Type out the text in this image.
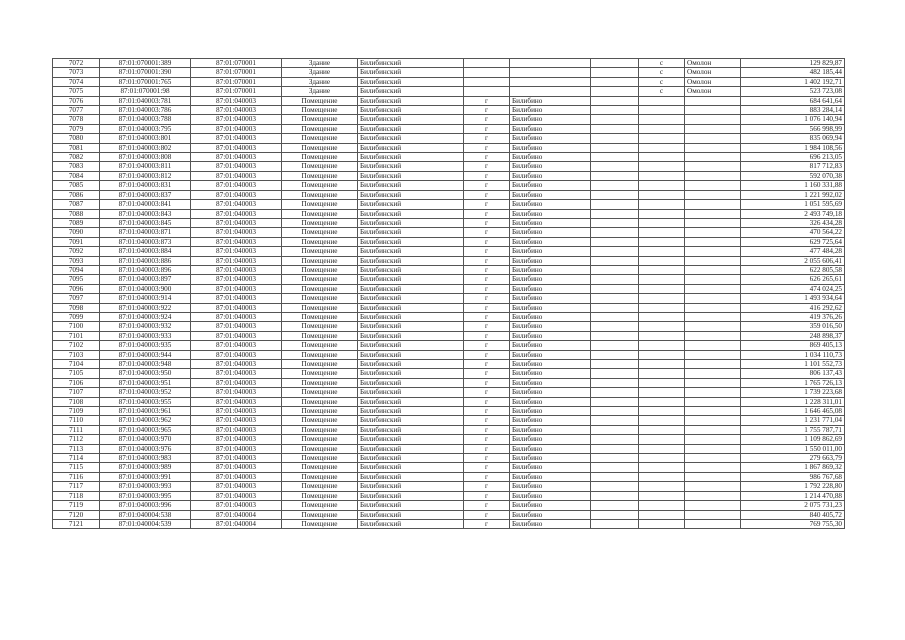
7072	87:01:070001:389	87:01:070001	Здание	Билибинский				с	Омолон	129 829,87
7073	87:01:070001:390	87:01:070001	Здание	Билибинский				с	Омолон	482 185,44
7074	87:01:070001:765	87:01:070001	Здание	Билибинский				с	Омолон	1 402 192,71
7075	87:01:070001:98	87:01:070001	Здание	Билибинский				с	Омолон	523 723,08
7076	87:01:040003:781	87:01:040003	Помещение	Билибинский	г	Билибино				684 641,64
7077	87:01:040003:786	87:01:040003	Помещение	Билибинский	г	Билибино				883 284,14
7078	87:01:040003:788	87:01:040003	Помещение	Билибинский	г	Билибино				1 076 140,94
7079	87:01:040003:795	87:01:040003	Помещение	Билибинский	г	Билибино				566 998,99
7080	87:01:040003:801	87:01:040003	Помещение	Билибинский	г	Билибино				835 069,94
7081	87:01:040003:802	87:01:040003	Помещение	Билибинский	г	Билибино				1 984 108,56
7082	87:01:040003:808	87:01:040003	Помещение	Билибинский	г	Билибино				696 213,05
7083	87:01:040003:811	87:01:040003	Помещение	Билибинский	г	Билибино				817 712,83
7084	87:01:040003:812	87:01:040003	Помещение	Билибинский	г	Билибино				592 070,38
7085	87:01:040003:831	87:01:040003	Помещение	Билибинский	г	Билибино				1 160 331,88
7086	87:01:040003:837	87:01:040003	Помещение	Билибинский	г	Билибино				1 221 992,02
7087	87:01:040003:841	87:01:040003	Помещение	Билибинский	г	Билибино				1 051 595,69
7088	87:01:040003:843	87:01:040003	Помещение	Билибинский	г	Билибино				2 493 749,18
7089	87:01:040003:845	87:01:040003	Помещение	Билибинский	г	Билибино				326 434,28
7090	87:01:040003:871	87:01:040003	Помещение	Билибинский	г	Билибино				470 564,22
7091	87:01:040003:873	87:01:040003	Помещение	Билибинский	г	Билибино				629 725,64
7092	87:01:040003:884	87:01:040003	Помещение	Билибинский	г	Билибино				477 484,28
7093	87:01:040003:886	87:01:040003	Помещение	Билибинский	г	Билибино				2 055 606,41
7094	87:01:040003:896	87:01:040003	Помещение	Билибинский	г	Билибино				622 805,58
7095	87:01:040003:897	87:01:040003	Помещение	Билибинский	г	Билибино				626 265,61
7096	87:01:040003:900	87:01:040003	Помещение	Билибинский	г	Билибино				474 024,25
7097	87:01:040003:914	87:01:040003	Помещение	Билибинский	г	Билибино				1 493 934,64
7098	87:01:040003:922	87:01:040003	Помещение	Билибинский	г	Билибино				416 292,62
7099	87:01:040003:924	87:01:040003	Помещение	Билибинский	г	Билибино				419 376,26
7100	87:01:040003:932	87:01:040003	Помещение	Билибинский	г	Билибино				359 016,50
7101	87:01:040003:933	87:01:040003	Помещение	Билибинский	г	Билибино				248 898,37
7102	87:01:040003:935	87:01:040003	Помещение	Билибинский	г	Билибино				869 405,13
7103	87:01:040003:944	87:01:040003	Помещение	Билибинский	г	Билибино				1 034 110,73
7104	87:01:040003:948	87:01:040003	Помещение	Билибинский	г	Билибино				1 101 552,73
7105	87:01:040003:950	87:01:040003	Помещение	Билибинский	г	Билибино				806 137,43
7106	87:01:040003:951	87:01:040003	Помещение	Билибинский	г	Билибино				1 765 726,13
7107	87:01:040003:952	87:01:040003	Помещение	Билибинский	г	Билибино				1 739 223,68
7108	87:01:040003:955	87:01:040003	Помещение	Билибинский	г	Билибино				1 228 311,01
7109	87:01:040003:961	87:01:040003	Помещение	Билибинский	г	Билибино				1 646 465,08
7110	87:01:040003:962	87:01:040003	Помещение	Билибинский	г	Билибино				1 231 771,04
7111	87:01:040003:965	87:01:040003	Помещение	Билибинский	г	Билибино				1 755 787,71
7112	87:01:040003:970	87:01:040003	Помещение	Билибинский	г	Билибино				1 109 862,69
7113	87:01:040003:976	87:01:040003	Помещение	Билибинский	г	Билибино				1 550 011,00
7114	87:01:040003:983	87:01:040003	Помещение	Билибинский	г	Билибино				279 663,79
7115	87:01:040003:989	87:01:040003	Помещение	Билибинский	г	Билибино				1 867 869,32
7116	87:01:040003:991	87:01:040003	Помещение	Билибинский	г	Билибино				986 767,68
7117	87:01:040003:993	87:01:040003	Помещение	Билибинский	г	Билибино				1 792 228,80
7118	87:01:040003:995	87:01:040003	Помещение	Билибинский	г	Билибино				1 214 470,88
7119	87:01:040003:996	87:01:040003	Помещение	Билибинский	г	Билибино				2 075 731,23
7120	87:01:040004:538	87:01:040004	Помещение	Билибинский	г	Билибино				840 405,72
7121	87:01:040004:539	87:01:040004	Помещение	Билибинский	г	Билибино				769 755,30
